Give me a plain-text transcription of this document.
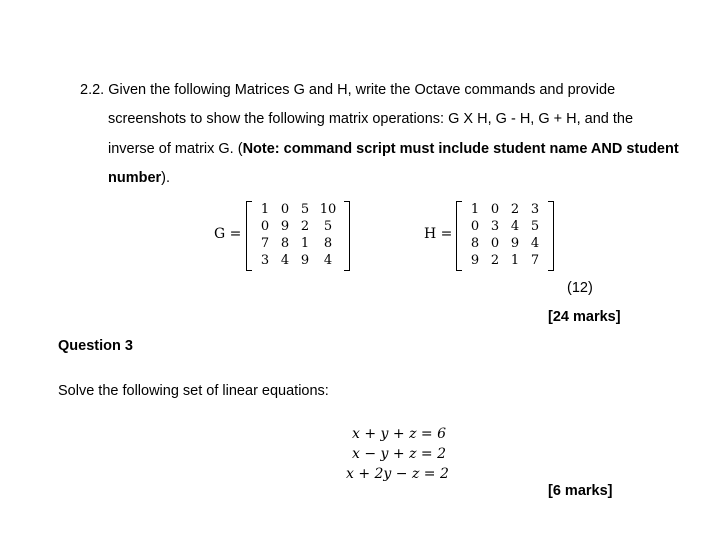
2.2. Given the following Matrices G and H, write the Octave commands and provide
screenshots to show the following matrix operations: G X H, G - H, G + H, and the
inverse of matrix G. (Note: command script must include student name AND student
number).
G =
1 0 5 10
0 9 2	5
7 8 1	8
3 4 9	4
H =
1 0 2 3
0 3 4 5
8 0 9 4
9 2 1 7
(12)
[24 marks]
Question 3
Solve the following set of linear equations:
x + y + z = 6
x − y + z = 2
x + 2y − z = 2
[6 marks]
